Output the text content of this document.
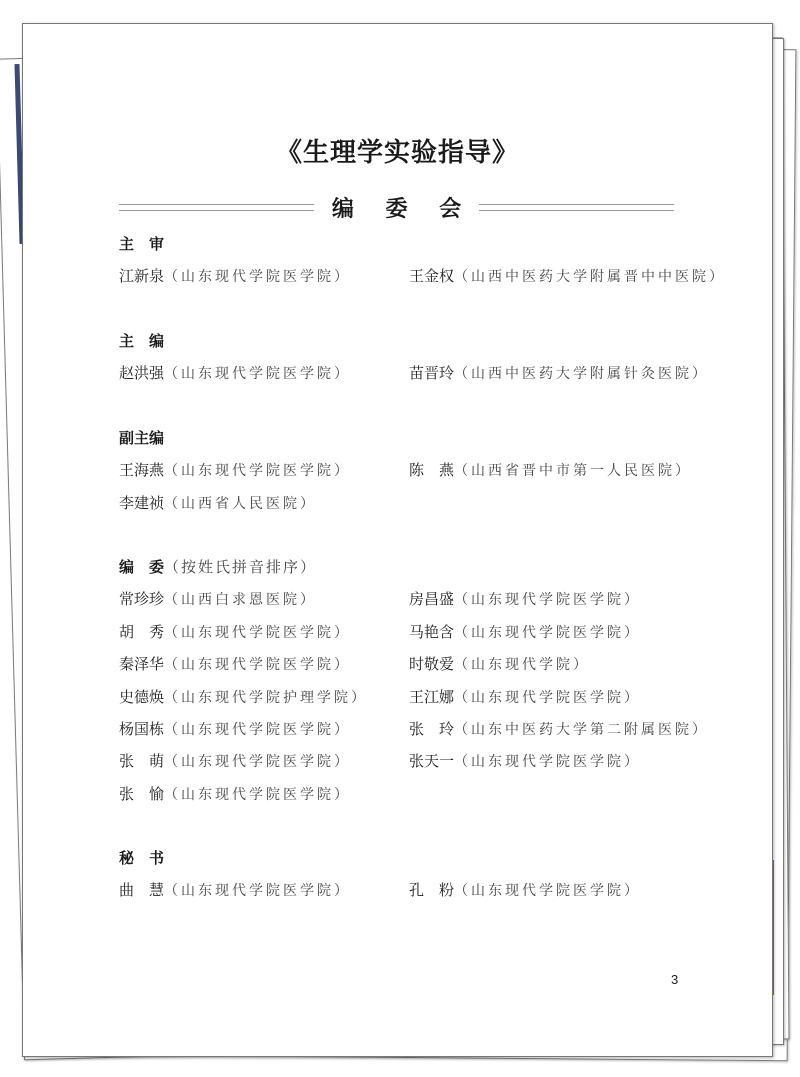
《生理学实验指导》
编 委 会
主　审
江新泉（山东现代学院医学院）	王金权（山西中医药大学附属晋中中医院）
主　编
赵洪强（山东现代学院医学院）	苗晋玲（山西中医药大学附属针灸医院）
副主编
王海燕（山东现代学院医学院）	陈　燕（山西省晋中市第一人民医院）
李建祯（山西省人民医院）
编　委（按姓氏拼音排序）
常珍珍（山西白求恩医院）	房昌盛（山东现代学院医学院）
胡　秀（山东现代学院医学院）	马艳含（山东现代学院医学院）
秦泽华（山东现代学院医学院）	时敬爱（山东现代学院）
史德焕（山东现代学院护理学院）	王江娜（山东现代学院医学院）
杨国栋（山东现代学院医学院）	张　玲（山东中医药大学第二附属医院）
张　萌（山东现代学院医学院）	张天一（山东现代学院医学院）
张　愉（山东现代学院医学院）
秘　书
曲　慧（山东现代学院医学院）	孔　粉（山东现代学院医学院）
3
